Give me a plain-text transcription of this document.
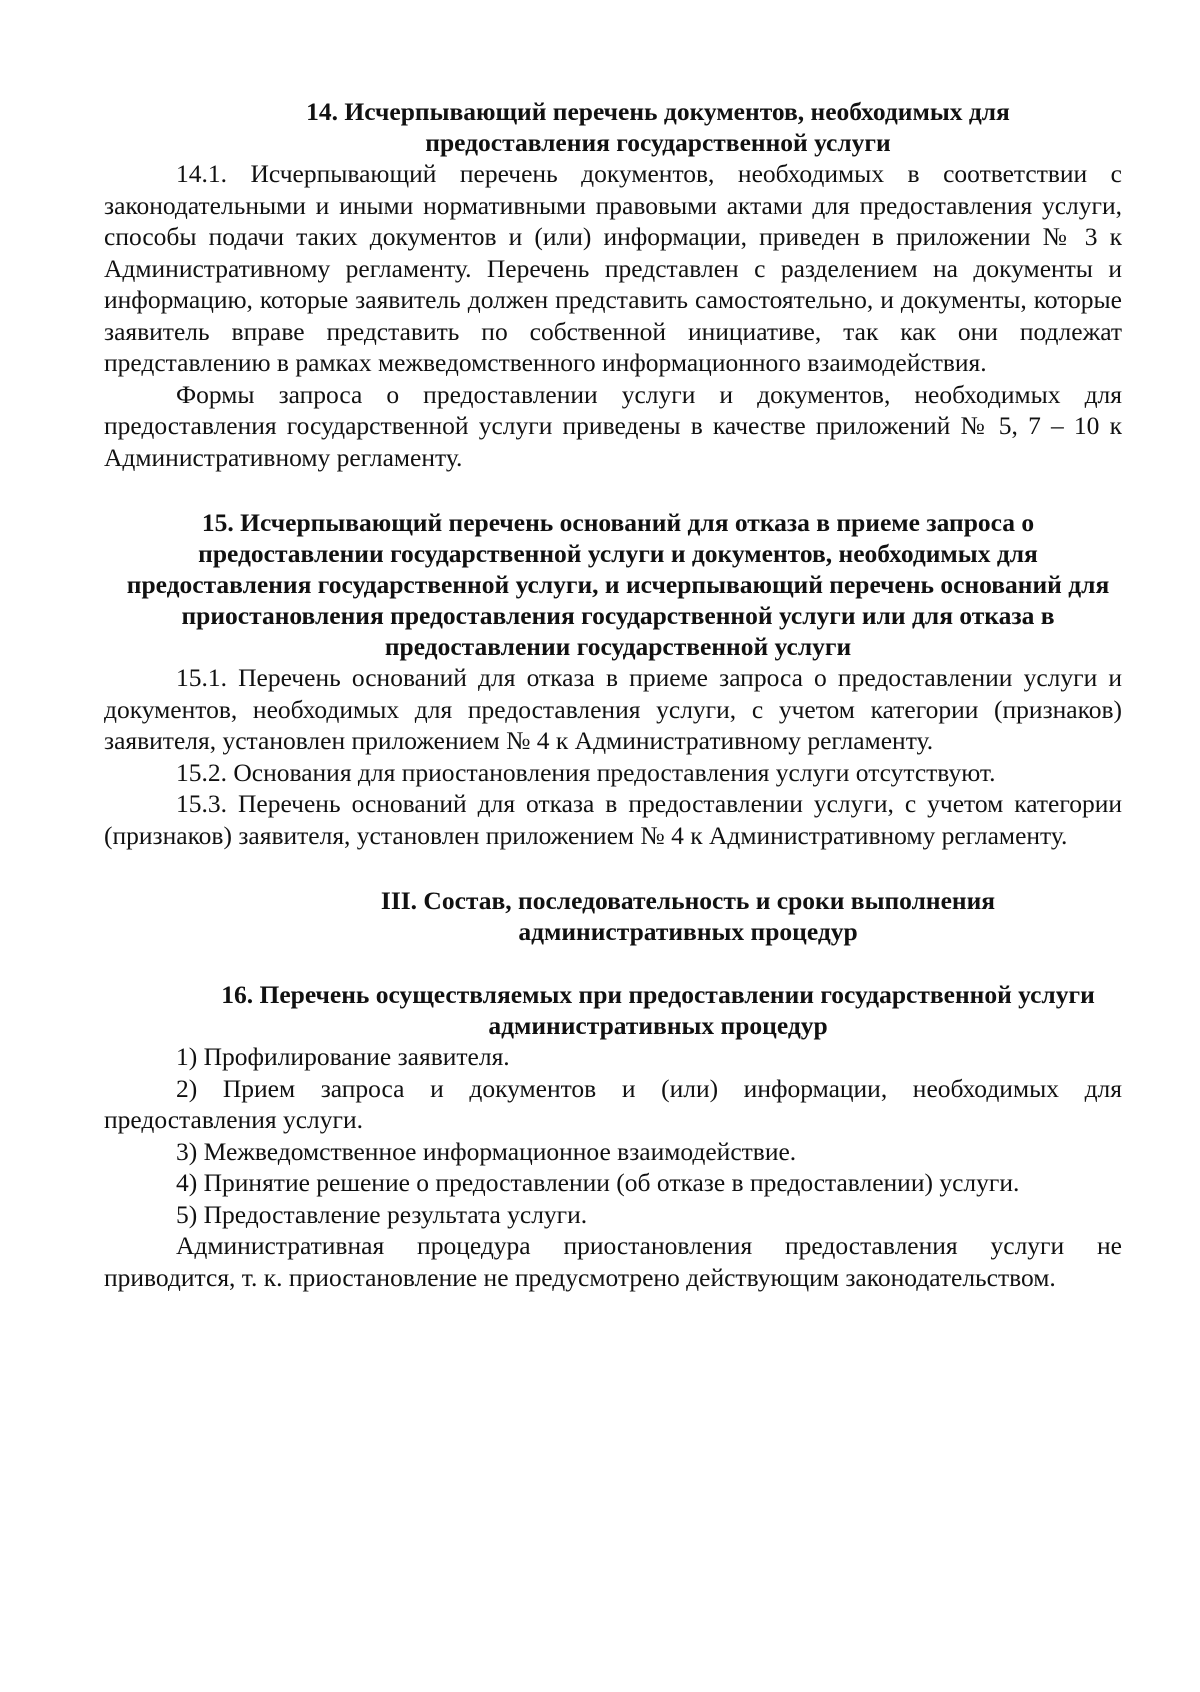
14. Исчерпывающий перечень документов, необходимых для предоставления государственной услуги

14.1. Исчерпывающий перечень документов, необходимых в соответствии с законодательными и иными нормативными правовыми актами для предоставления услуги, способы подачи таких документов и (или) информации, приведен в приложении № 3 к Административному регламенту. Перечень представлен с разделением на документы и информацию, которые заявитель должен представить самостоятельно, и документы, которые заявитель вправе представить по собственной инициативе, так как они подлежат представлению в рамках межведомственного информационного взаимодействия.

Формы запроса о предоставлении услуги и документов, необходимых для предоставления государственной услуги приведены в качестве приложений № 5, 7 – 10 к Административному регламенту.

15. Исчерпывающий перечень оснований для отказа в приеме запроса о предоставлении государственной услуги и документов, необходимых для предоставления государственной услуги, и исчерпывающий перечень оснований для приостановления предоставления государственной услуги или для отказа в предоставлении государственной услуги

15.1. Перечень оснований для отказа в приеме запроса о предоставлении услуги и документов, необходимых для предоставления услуги, с учетом категории (признаков) заявителя, установлен приложением № 4 к Административному регламенту.

15.2. Основания для приостановления предоставления услуги отсутствуют.

15.3. Перечень оснований для отказа в предоставлении услуги, с учетом категории (признаков) заявителя, установлен приложением № 4 к Административному регламенту.

III. Состав, последовательность и сроки выполнения административных процедур
16. Перечень осуществляемых при предоставлении государственной услуги административных процедур

1) Профилирование заявителя.

2) Прием запроса и документов и (или) информации, необходимых для предоставления услуги.

3) Межведомственное информационное взаимодействие.

4) Принятие решение о предоставлении (об отказе в предоставлении) услуги.

5) Предоставление результата услуги.

Административная процедура приостановления предоставления услуги не приводится, т. к. приостановление не предусмотрено действующим законодательством.
